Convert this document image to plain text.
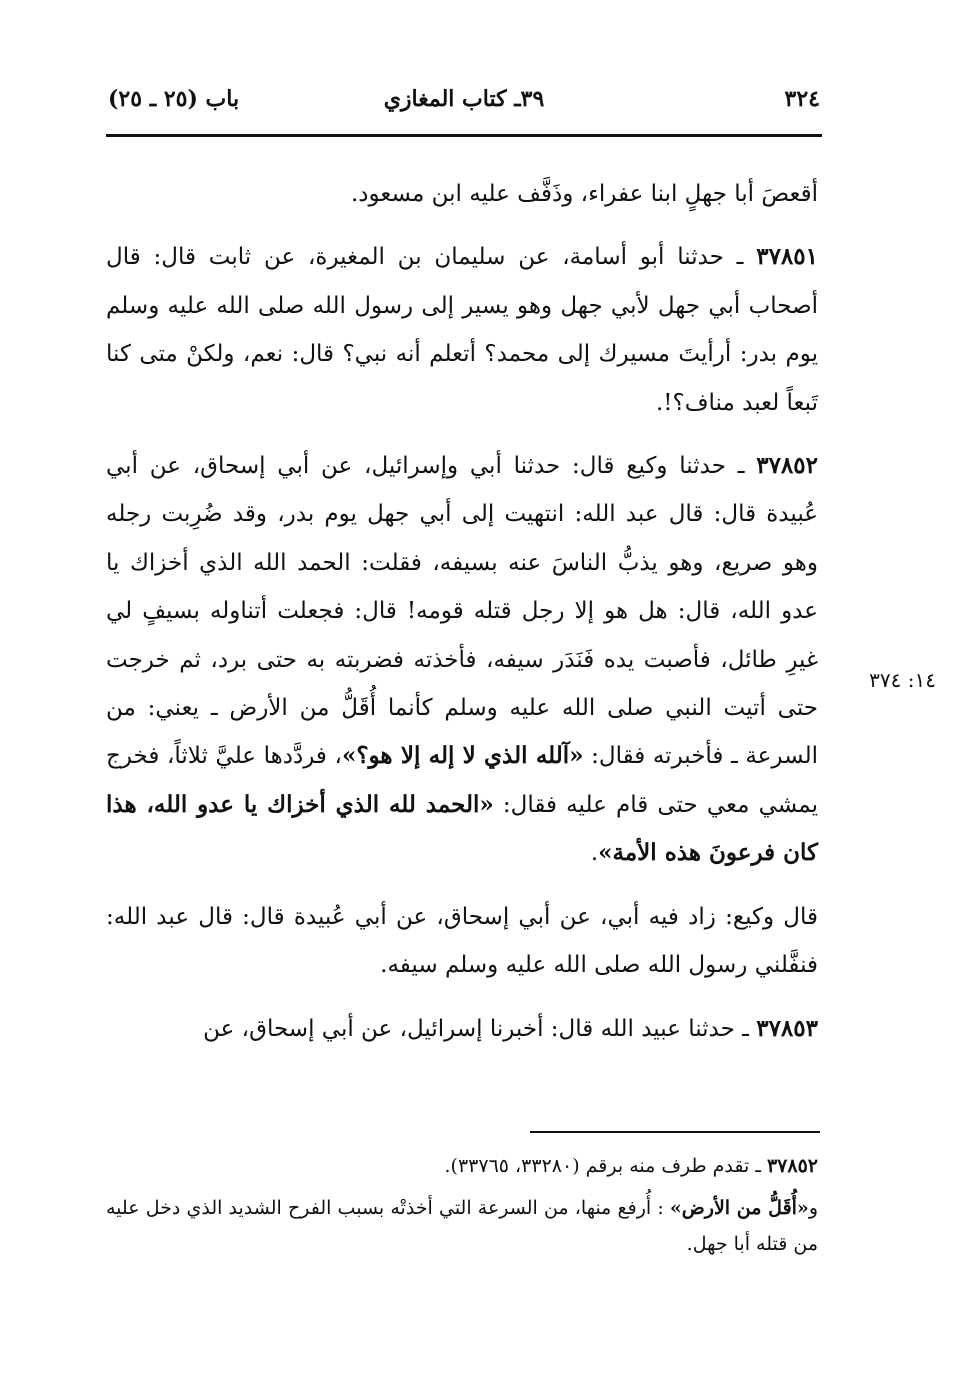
٣٢٤
٣٩ـ كتاب المغازي
باب (٢٥ ـ ٢٥)

أقعصَ أبا جهلٍ ابنا عفراء، وذَفَّف عليه ابن مسعود.

٣٧٨٥١ ـ حدثنا أبو أسامة، عن سليمان بن المغيرة، عن ثابت قال: قال أصحاب أبي جهل لأبي جهل وهو يسير إلى رسول الله صلى الله عليه وسلم يوم بدر: أرأيتَ مسيرك إلى محمد؟ أتعلم أنه نبي؟ قال: نعم، ولكنْ متى كنا تَبعاً لعبد مناف؟!.

٣٧٨٥٢ ـ حدثنا وكيع قال: حدثنا أبي وإسرائيل، عن أبي إسحاق، عن أبي عُبيدة قال: قال عبد الله: انتهيت إلى أبي جهل يوم بدر، وقد ضُرِبت رجله وهو صريع، وهو يذبُّ الناسَ عنه بسيفه، فقلت: الحمد الله الذي أخزاك يا عدو الله، قال: هل هو إلا رجل قتله قومه! قال: فجعلت أتناوله بسيفٍ لي غيرِ طائل، فأصبت يده فَنَدَر سيفه، فأخذته فضربته به حتى برد، ثم خرجت حتى أتيت النبي صلى الله عليه وسلم كأنما أُقَلُّ من الأرض ـ يعني: من السرعة ـ فأخبرته فقال: «آلله الذي لا إله إلا هو؟»، فردَّدها عليَّ ثلاثاً، فخرج يمشي معي حتى قام عليه فقال: «الحمد لله الذي أخزاك يا عدو الله، هذا كان فرعونَ هذه الأمة».

قال وكيع: زاد فيه أبي، عن أبي إسحاق، عن أبي عُبيدة قال: قال عبد الله: فنفَّلني رسول الله صلى الله عليه وسلم سيفه.

٣٧٨٥٣ ـ حدثنا عبيد الله قال: أخبرنا إسرائيل، عن أبي إسحاق، عن

١٤: ٣٧٤

٣٧٨٥٢ ـ تقدم طرف منه برقم (٣٣٢٨٠، ٣٣٧٦٥).

و«أُقَلُّ من الأرض» : أُرفع منها، من السرعة التي أخذتْه بسبب الفرح الشديد الذي دخل عليه من قتله أبا جهل.
